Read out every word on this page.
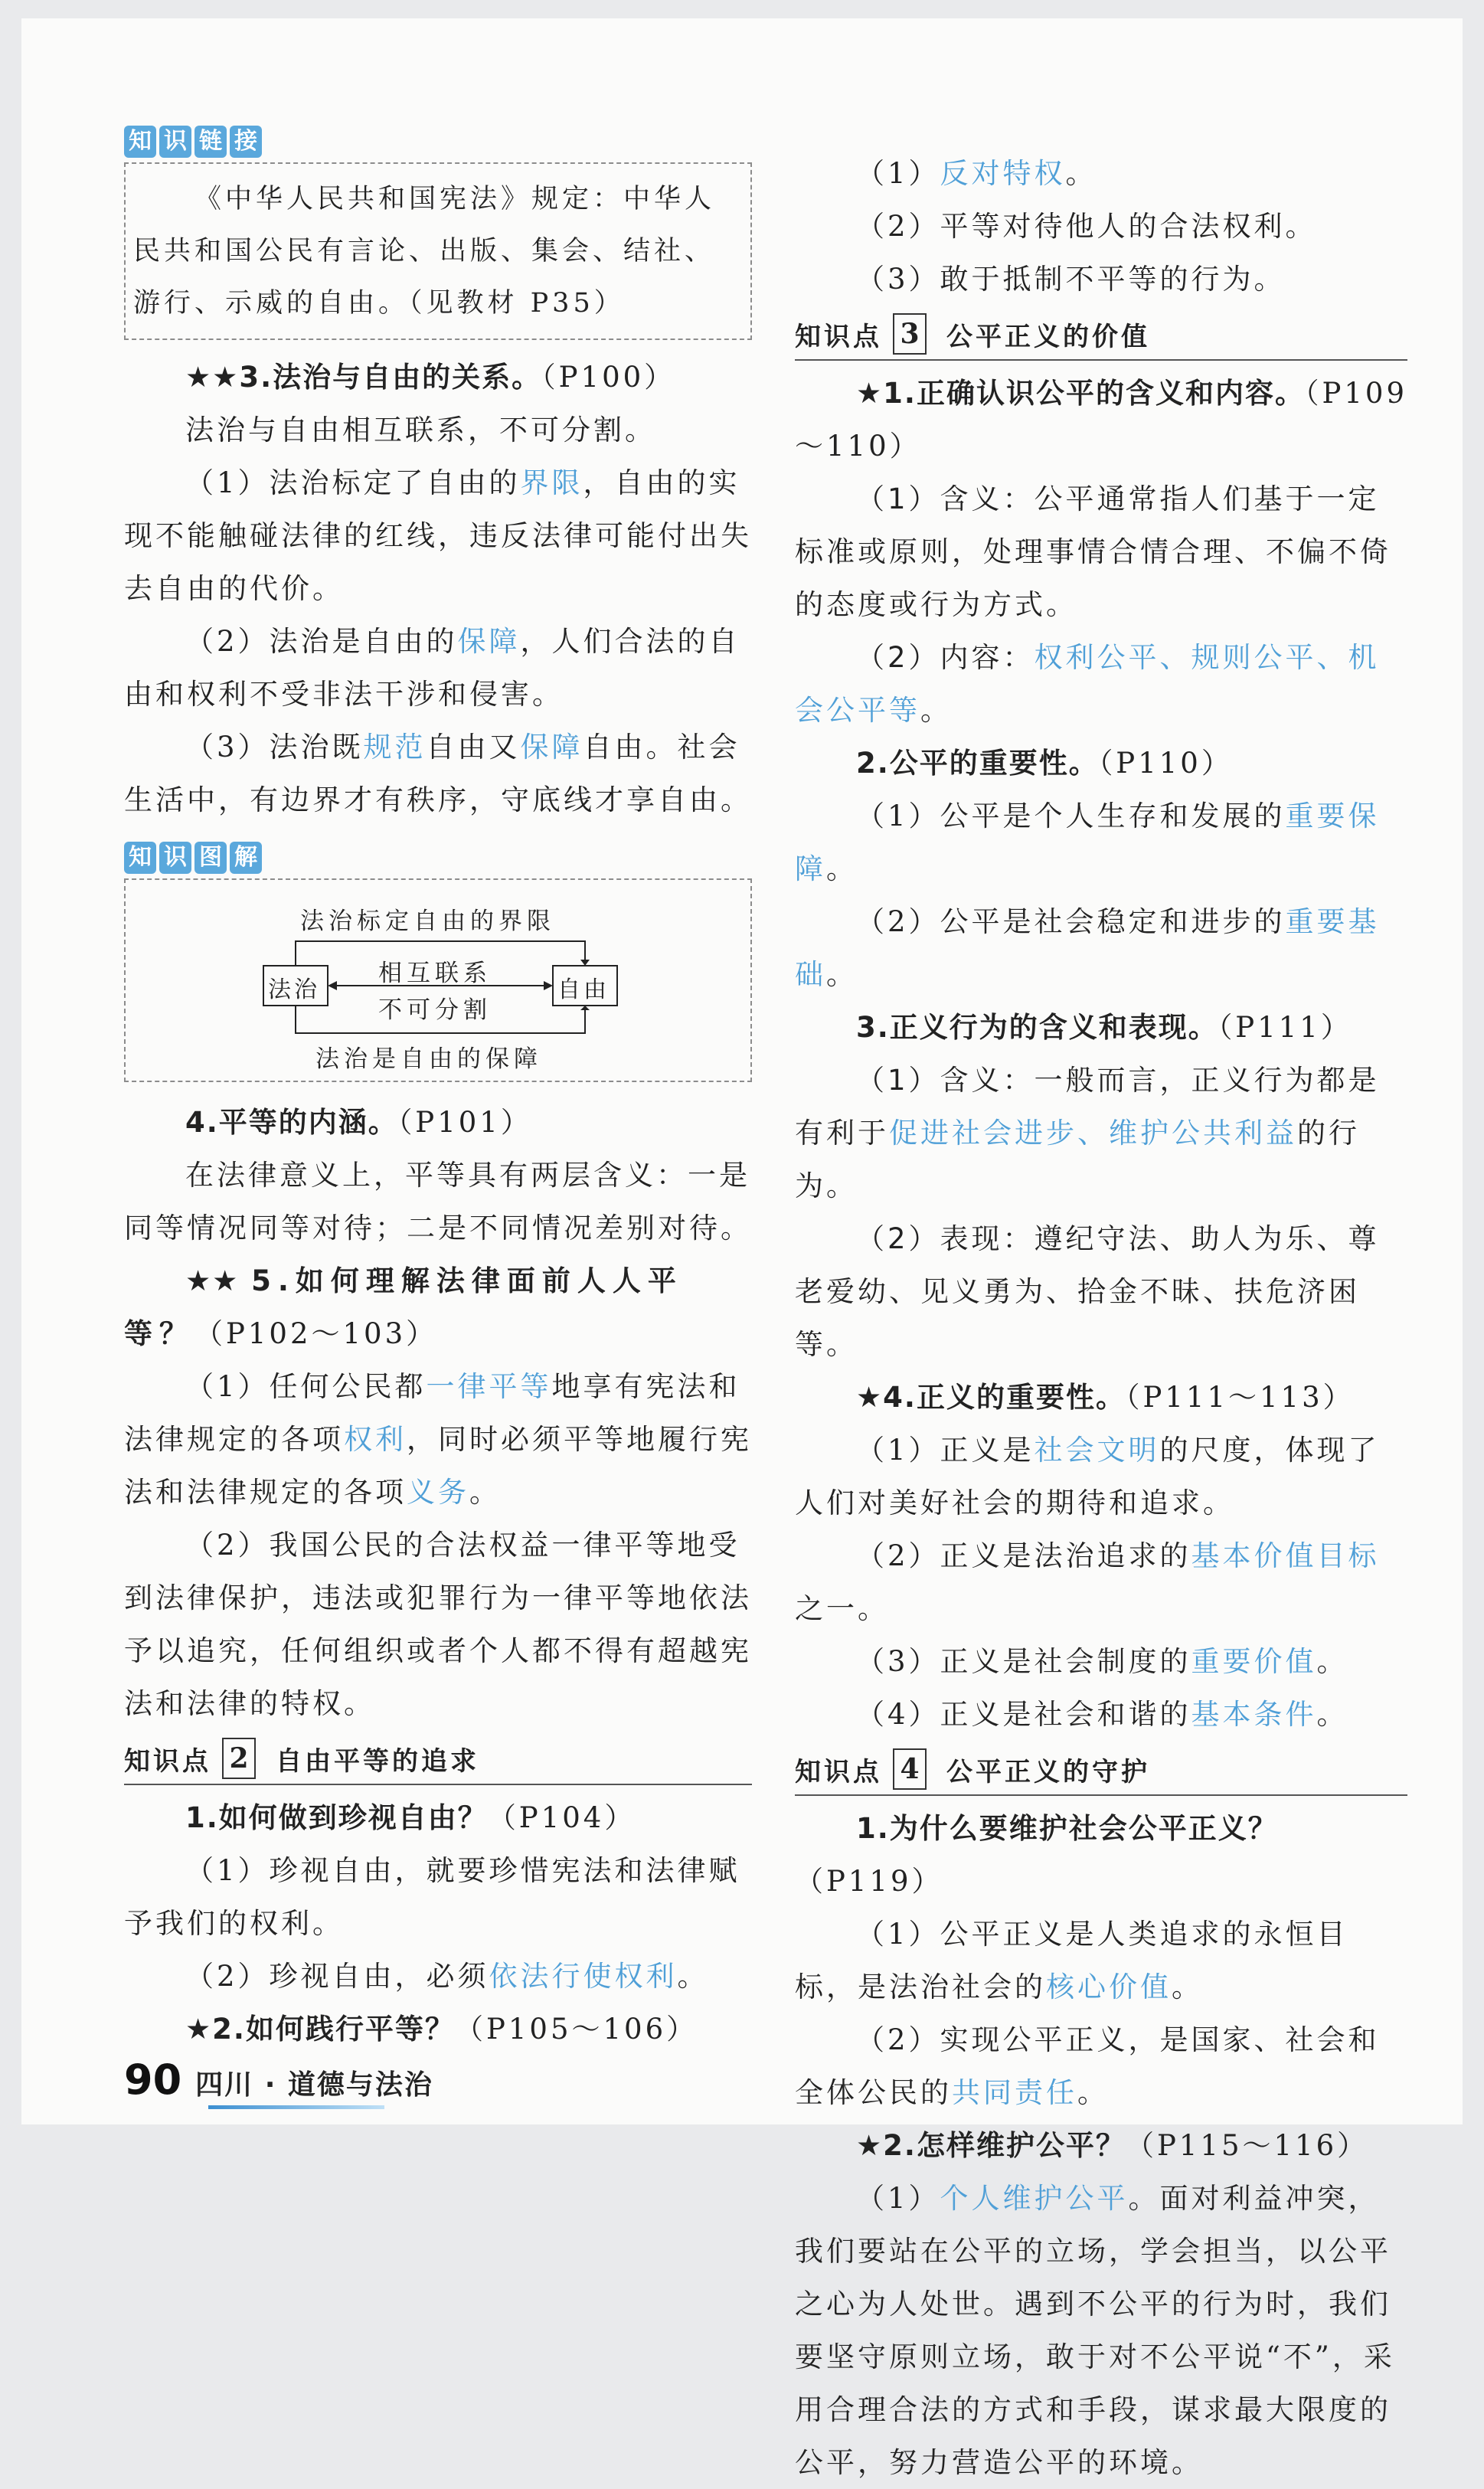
知 识 链 接

《中华人民共和国宪法》规定：中华人民共和国公民有言论、出版、集会、结社、游行、示威的自由。（见教材 P35）

★★3.法治与自由的关系。（P100）

法治与自由相互联系，不可分割。

（1）法治标定了自由的界限，自由的实现不能触碰法律的红线，违反法律可能付出失去自由的代价。

（2）法治是自由的保障，人们合法的自由和权利不受非法干涉和侵害。

（3）法治既规范自由又保障自由。社会生活中，有边界才有秩序，守底线才享自由。

知 识 图 解
法治标定自由的界限
法治	自由
相互联系
不可分割
法治是自由的保障

4.平等的内涵。（P101）

在法律意义上，平等具有两层含义：一是同等情况同等对待；二是不同情况差别对待。

★★ 5.如何理解法律面前人人平等？（P102～103）

（1）任何公民都一律平等地享有宪法和法律规定的各项权利，同时必须平等地履行宪法和法律规定的各项义务。

（2）我国公民的合法权益一律平等地受到法律保护，违法或犯罪行为一律平等地依法予以追究，任何组织或者个人都不得有超越宪法和法律的特权。

知识点 2 自由平等的追求

1.如何做到珍视自由？（P104）

（1）珍视自由，就要珍惜宪法和法律赋予我们的权利。

（2）珍视自由，必须依法行使权利。

★2.如何践行平等？（P105～106）

（1）反对特权。

（2）平等对待他人的合法权利。

（3）敢于抵制不平等的行为。

知识点 3 公平正义的价值

★1.正确认识公平的含义和内容。（P109～110）

（1）含义：公平通常指人们基于一定标准或原则，处理事情合情合理、不偏不倚的态度或行为方式。

（2）内容：权利公平、规则公平、机会公平等。

2.公平的重要性。（P110）

（1）公平是个人生存和发展的重要保障。

（2）公平是社会稳定和进步的重要基础。

3.正义行为的含义和表现。（P111）

（1）含义：一般而言，正义行为都是有利于促进社会进步、维护公共利益的行为。

（2）表现：遵纪守法、助人为乐、尊老爱幼、见义勇为、拾金不昧、扶危济困等。

★4.正义的重要性。（P111～113）

（1）正义是社会文明的尺度，体现了人们对美好社会的期待和追求。

（2）正义是法治追求的基本价值目标之一。

（3）正义是社会制度的重要价值。

（4）正义是社会和谐的基本条件。

知识点 4 公平正义的守护

1.为什么要维护社会公平正义？（P119）

（1）公平正义是人类追求的永恒目标，是法治社会的核心价值。

（2）实现公平正义，是国家、社会和全体公民的共同责任。

★2.怎样维护公平？（P115～116）

（1）个人维护公平。面对利益冲突，我们要站在公平的立场，学会担当，以公平之心为人处世。遇到不公平的行为时，我们要坚守原则立场，敢于对不公平说“不”，采用合理合法的方式和手段，谋求最大限度的公平，努力营造公平的环境。

90 四川 · 道德与法治
